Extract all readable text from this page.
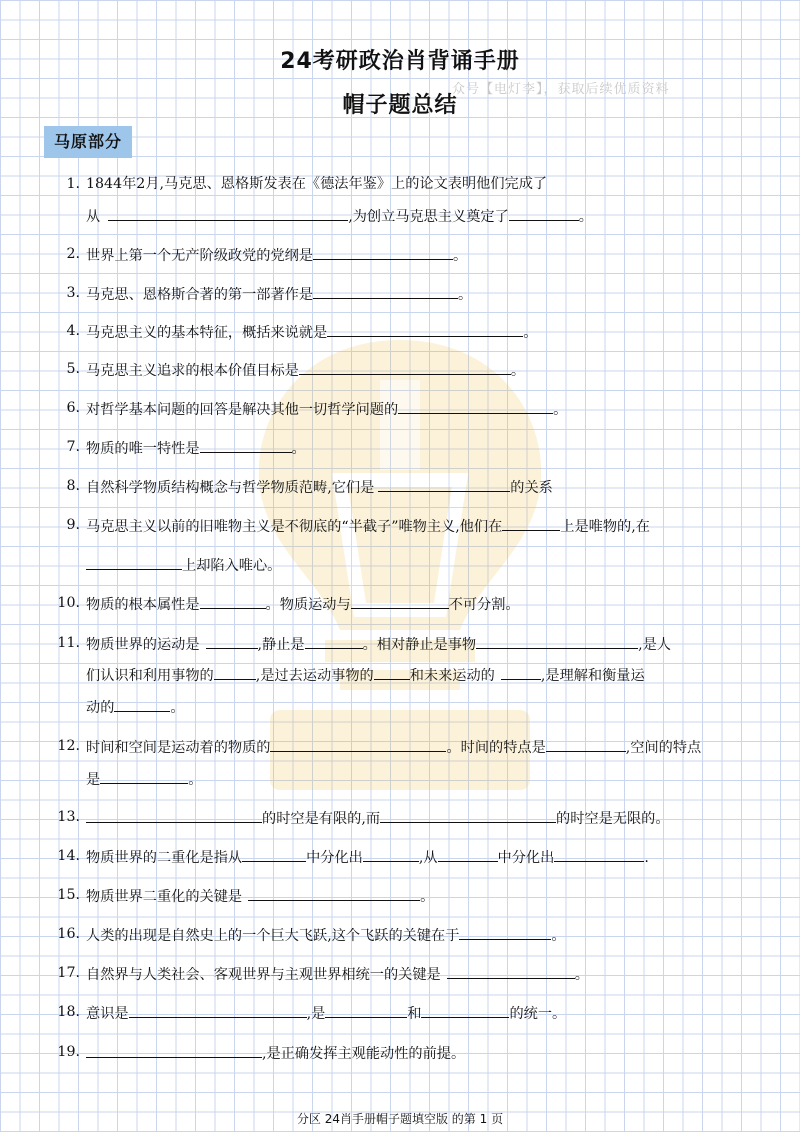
24考研政治肖背诵手册
帽子题总结
众号【电灯李】，获取后续优质资料
马原部分
1. 1844年2月,马克思、恩格斯发表在《德法年鉴》上的论文表明他们完成了
从	,为创立马克思主义奠定了	。
2. 世界上第一个无产阶级政党的党纲是	。
3. 马克思、恩格斯合著的第一部著作是	。
4. 马克思主义的基本特征，概括来说就是	。
5. 马克思主义追求的根本价值目标是	。
6. 对哲学基本问题的回答是解决其他一切哲学问题的	。
7. 物质的唯一特性是	。
8. 自然科学物质结构概念与哲学物质范畴,它们是	的关系
9. 马克思主义以前的旧唯物主义是不彻底的“半截子”唯物主义,他们在	上是唯物的,在
上却陷入唯心。
10. 物质的根本属性是	。物质运动与	不可分割。
11. 物质世界的运动是	,静止是	。相对静止是事物	,是人
们认识和利用事物的	,是过去运动事物的	和未来运动的	,是理解和衡量运
动的	。
12. 时间和空间是运动着的物质的	。时间的特点是	,空间的特点
是	。
13.	的时空是有限的,而	的时空是无限的。
14. 物质世界的二重化是指从	中分化出	,从	中分化出	.
15. 物质世界二重化的关键是	。
16. 人类的出现是自然史上的一个巨大飞跃,这个飞跃的关键在于	。
17. 自然界与人类社会、客观世界与主观世界相统一的关键是	。
18. 意识是	,是	和	的统一。
19.	,是正确发挥主观能动性的前提。
分区 24肖手册帽子题填空版 的第 1 页
